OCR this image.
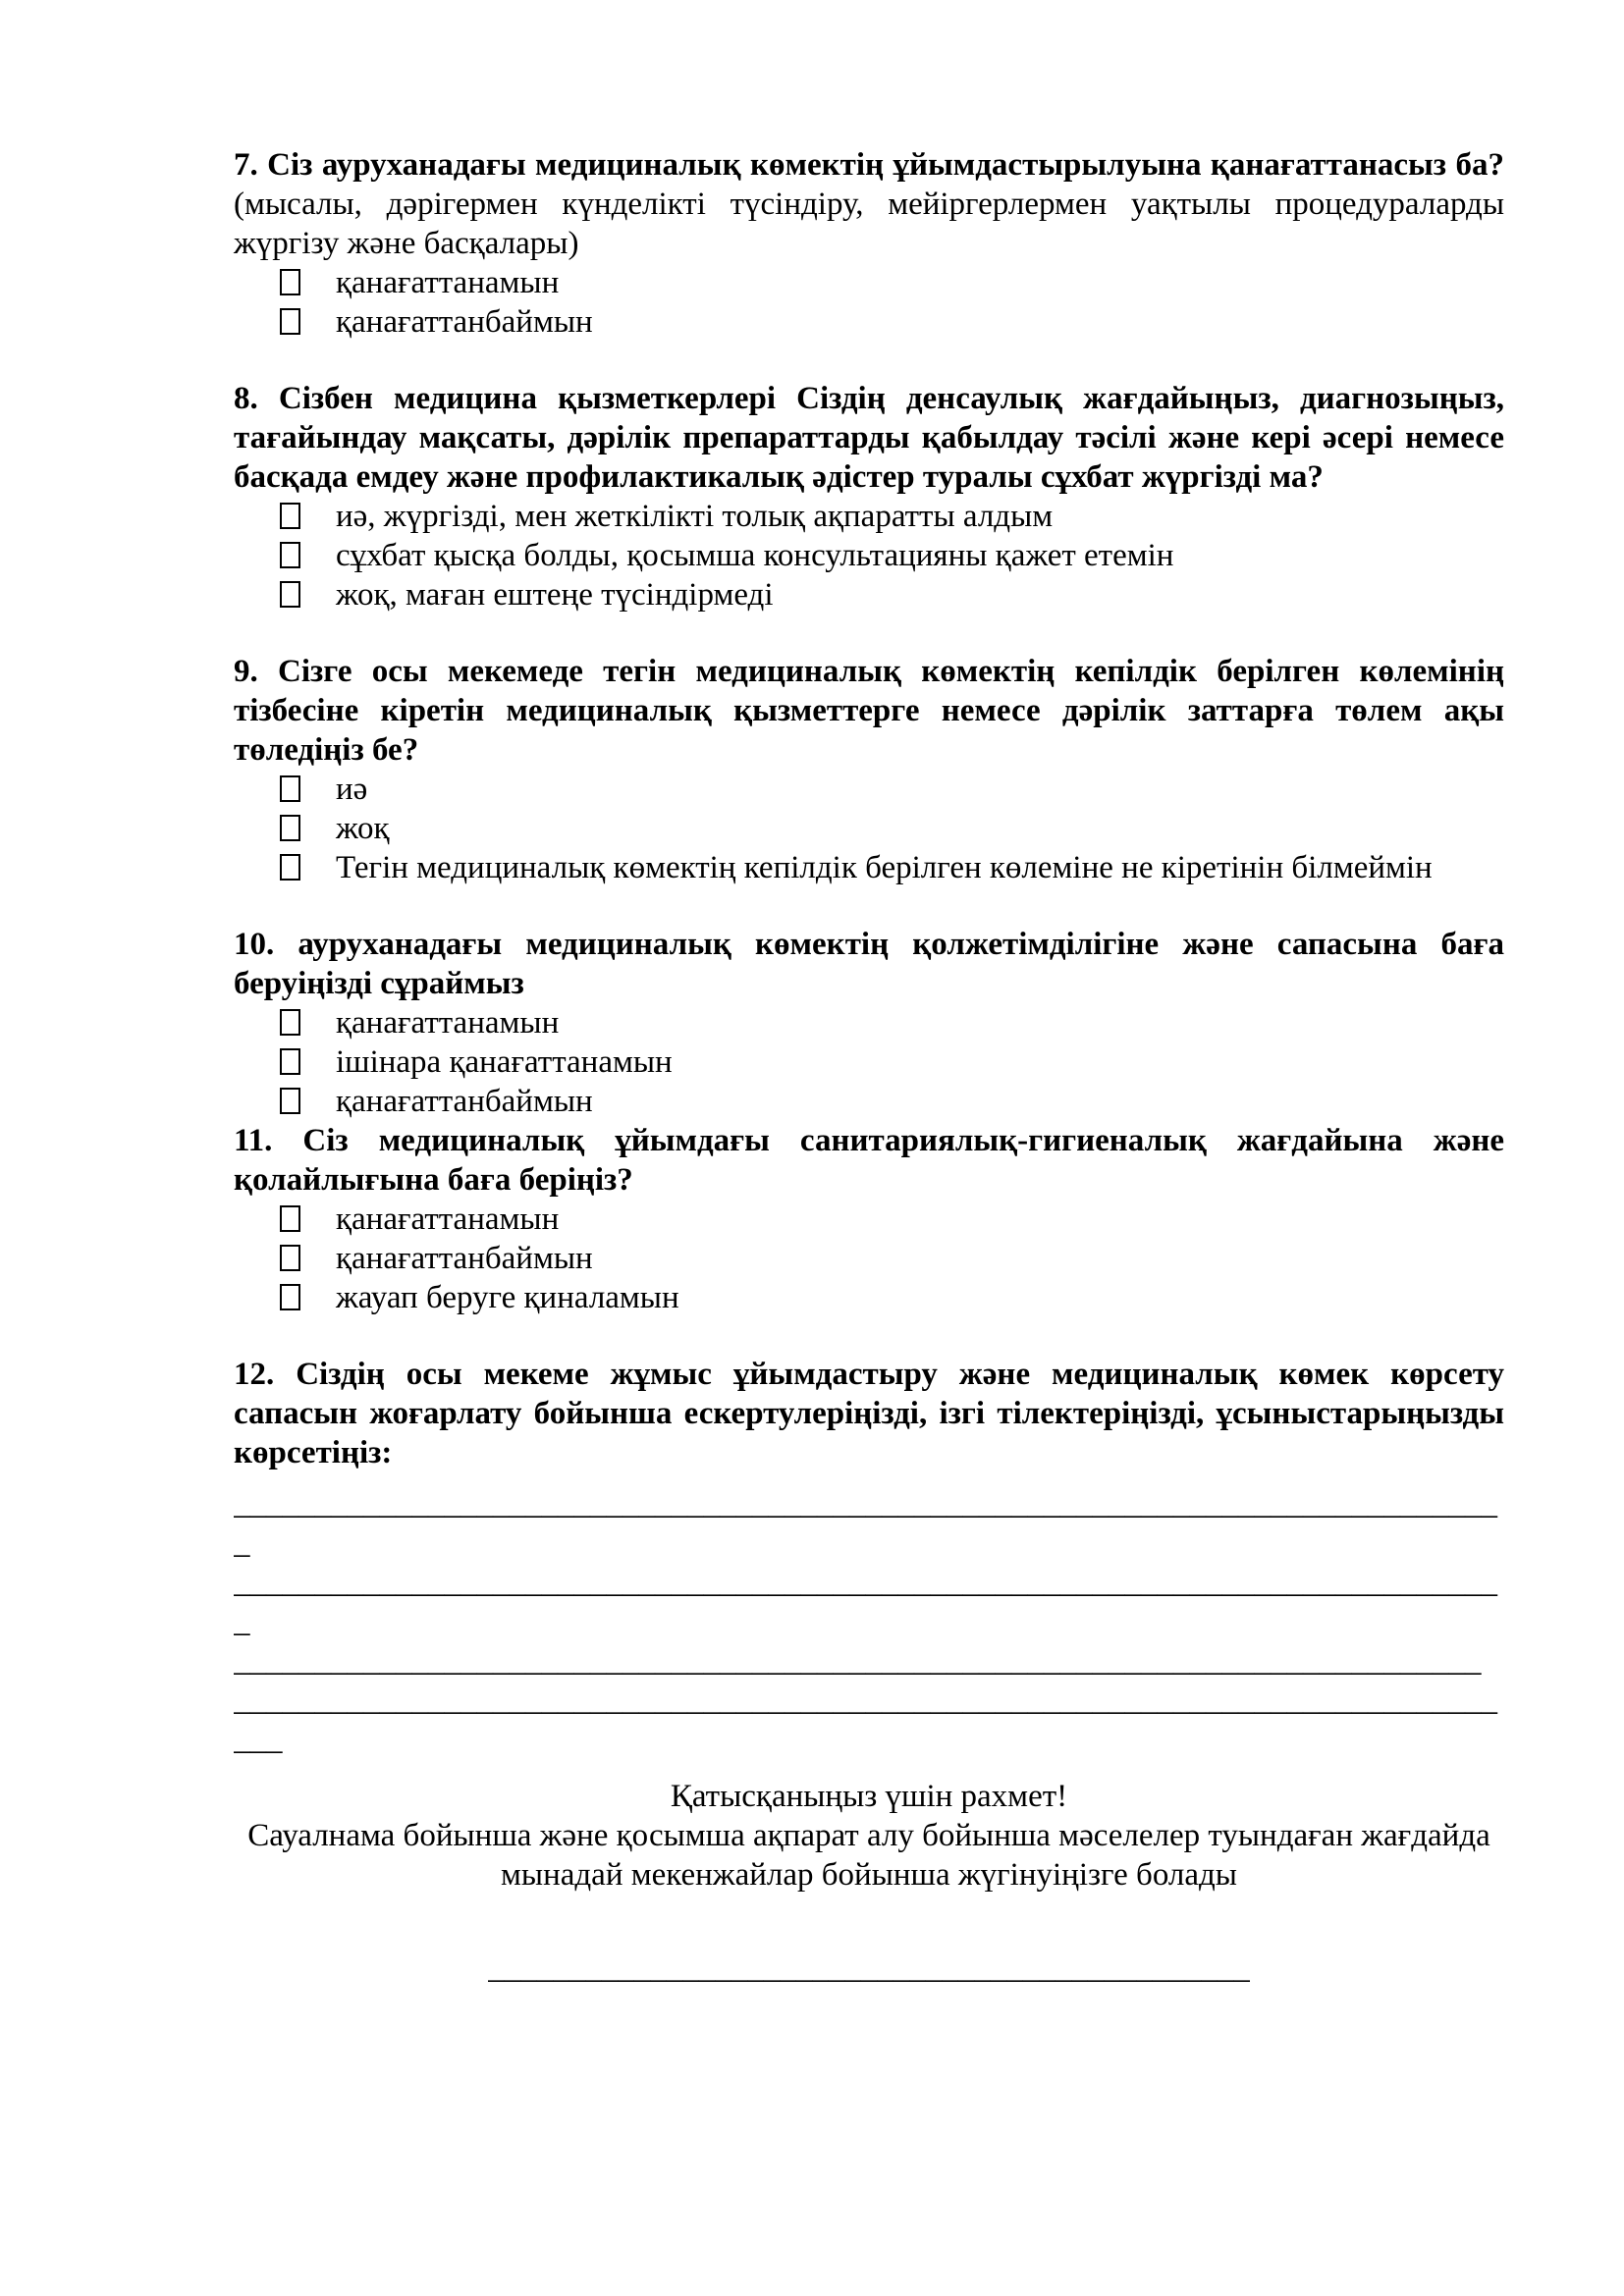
7. Сіз ауруханадағы медициналық көмектің ұйымдастырылуына қанағаттанасыз ба? (мысалы, дәрігермен күнделікті түсіндіру, мейіргерлермен уақтылы процедураларды жүргізу және басқалары)

қанағаттанамын
қанағаттанбаймын

8. Сізбен медицина қызметкерлері Сіздің денсаулық жағдайыңыз, диагнозыңыз, тағайындау мақсаты, дәрілік препараттарды қабылдау тәсілі және кері әсері немесе басқада емдеу және профилактикалық әдістер туралы сұхбат жүргізді ма?

иә, жүргізді, мен жеткілікті толық ақпаратты алдым
сұхбат қысқа болды, қосымша консультацияны қажет етемін
жоқ, маған ештеңе түсіндірмеді

9. Сізге осы мекемеде тегін медициналық көмектің кепілдік берілген көлемінің тізбесіне кіретін медициналық қызметтерге немесе дәрілік заттарға төлем ақы төледіңіз бе?

иә
жоқ
Тегін медициналық көмектің кепілдік берілген көлеміне не кіретінін білмеймін

10. ауруханадағы медициналық көмектің қолжетімділігіне және сапасына баға беруіңізді сұраймыз

қанағаттанамын
ішінара қанағаттанамын
қанағаттанбаймын

11. Сіз медициналық ұйымдағы санитариялық-гигиеналық жағдайына және қолайлығына баға беріңіз?

қанағаттанамын
қанағаттанбаймын
жауап беруге қиналамын

12. Сіздің осы мекеме жұмыс ұйымдастыру және медициналық көмек көрсету сапасын жоғарлату бойынша ескертулеріңізді, ізгі тілектеріңізді, ұсыныстарыңызды көрсетіңіз:

______________________________________________________________________________
_
______________________________________________________________________________
_
_____________________________________________________________________________
______________________________________________________________________________
___
Қатысқаныңыз үшін рахмет!
Сауалнама бойынша және қосымша ақпарат алу бойынша мәселелер туындаған жағдайда
мынадай мекенжайлар бойынша жүгінуіңізге болады
_______________________________________________
